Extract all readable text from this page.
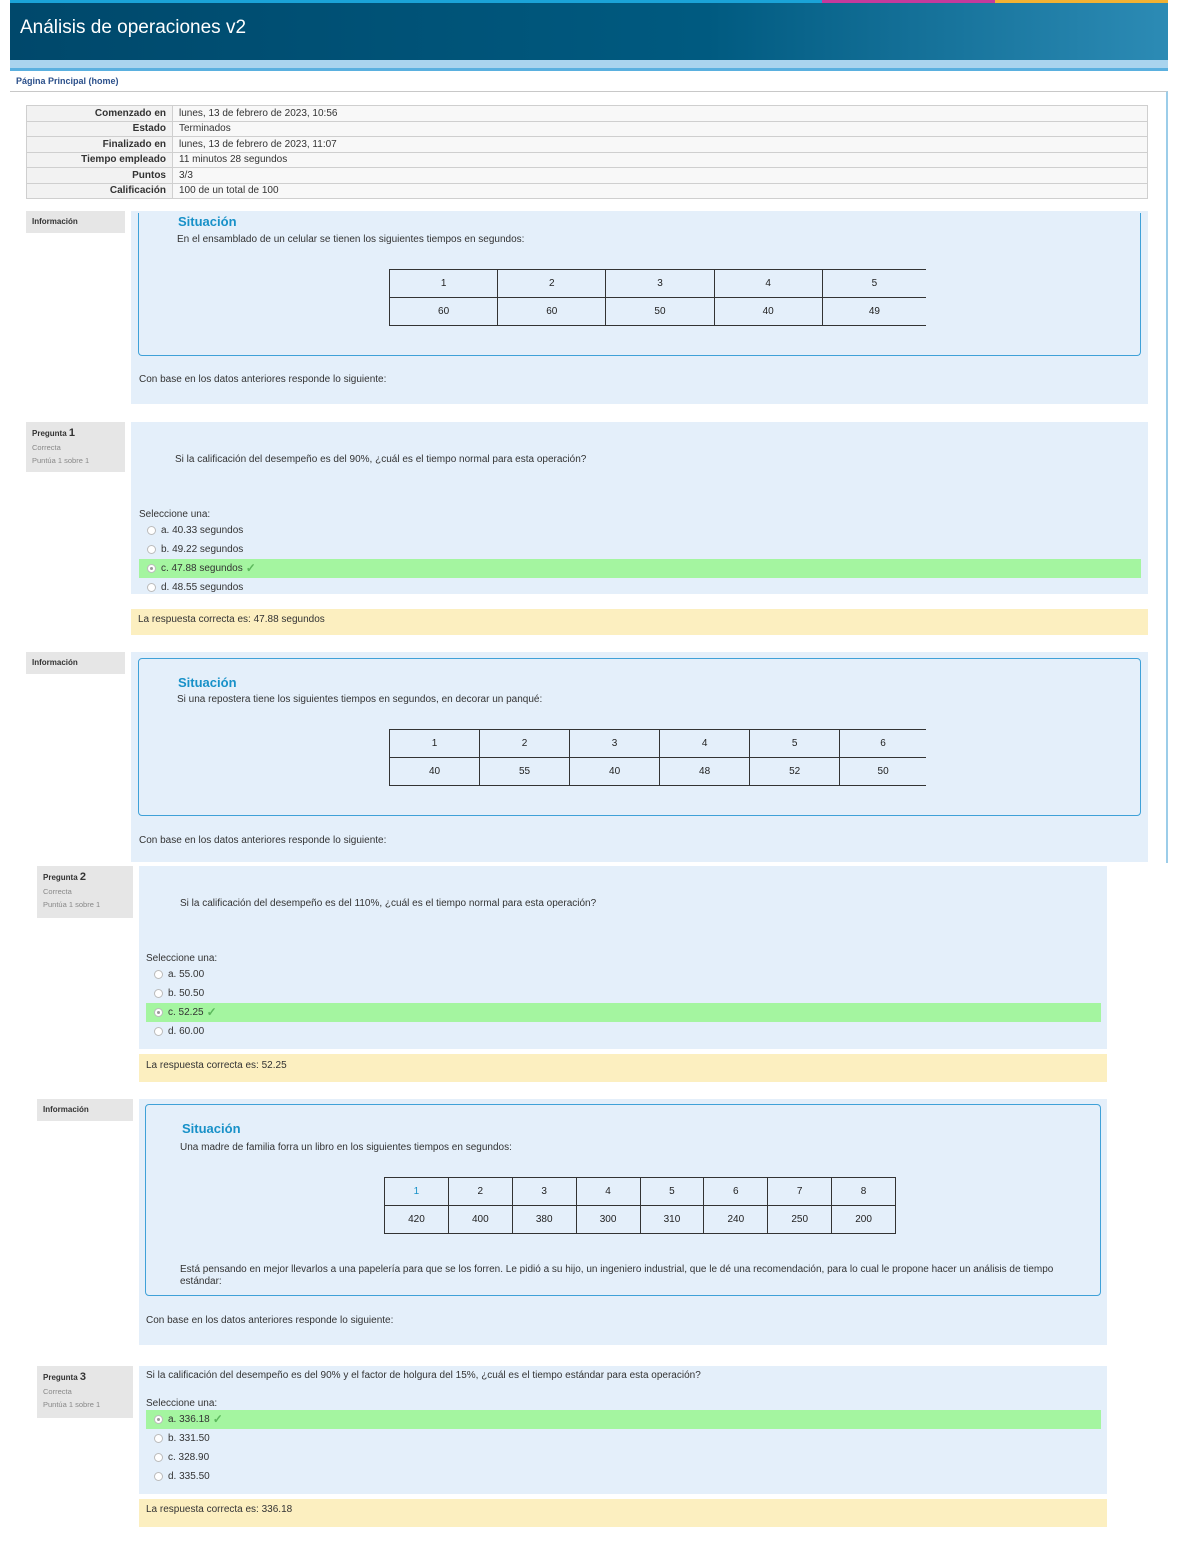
Análisis de operaciones v2
Página Principal (home)
Comenzado en	lunes, 13 de febrero de 2023, 10:56
Estado	Terminados
Finalizado en	lunes, 13 de febrero de 2023, 11:07
Tiempo empleado	11 minutos 28 segundos
Puntos	3/3
Calificación	100 de un total de 100
Información	Situación
En el ensamblado de un celular se tienen los siguientes tiempos en segundos:
1	2	3	4	5
60	60	50	40	49
Con base en los datos anteriores responde lo siguiente:
Pregunta 1
Correcta
Puntúa 1 sobre 1	Si la calificación del desempeño es del 90%, ¿cuál es el tiempo normal para esta operación?
Seleccione una:
a. 40.33 segundos
b. 49.22 segundos
c. 47.88 segundos ✓
d. 48.55 segundos
La respuesta correcta es: 47.88 segundos
Información
Situación
Si una repostera tiene los siguientes tiempos en segundos, en decorar un panqué:
1	2	3	4	5	6
40	55	40	48	52	50
Con base en los datos anteriores responde lo siguiente:
Pregunta 2
Correcta
Puntúa 1 sobre 1	Si la calificación del desempeño es del 110%, ¿cuál es el tiempo normal para esta operación?
Seleccione una:
a. 55.00
b. 50.50
c. 52.25 ✓
d. 60.00
La respuesta correcta es: 52.25
Información
Situación
Una madre de familia forra un libro en los siguientes tiempos en segundos:
1	2	3	4	5	6	7	8
420	400	380	300	310	240	250	200
Está pensando en mejor llevarlos a una papelería para que se los forren. Le pidió a su hijo, un ingeniero industrial, que le dé una recomendación, para lo cual le propone hacer un análisis de tiempo estándar:
Con base en los datos anteriores responde lo siguiente:
Pregunta 3
Correcta
Puntúa 1 sobre 1
Si la calificación del desempeño es del 90% y el factor de holgura del 15%, ¿cuál es el tiempo estándar para esta operación?
Seleccione una:
a. 336.18 ✓
b. 331.50
c. 328.90
d. 335.50
La respuesta correcta es: 336.18
